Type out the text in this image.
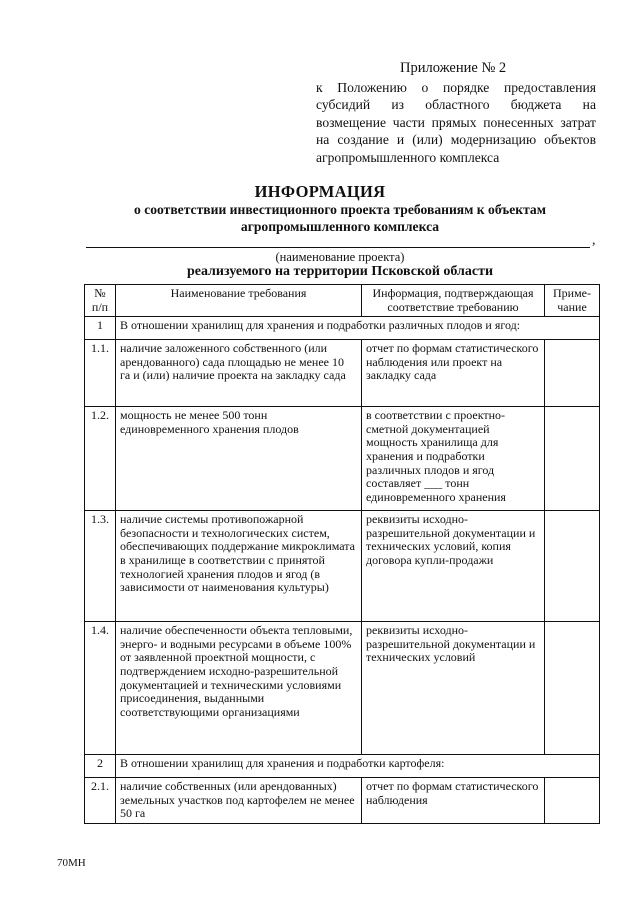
Приложение № 2
к Положению о порядке предоставления субсидий из областного бюджета на возмещение части прямых понесенных затрат на создание и (или) модернизацию объектов агропромышленного комплекса
ИНФОРМАЦИЯ
о соответствии инвестиционного проекта требованиям к объектам агропромышленного комплекса
,
(наименование проекта)
реализуемого на территории Псковской области
№ п/п	Наименование требования	Информация, подтверждающая соответствие требованию	Приме-чание
1	В отношении хранилищ для хранения и подработки различных плодов и ягод:		
1.1.	наличие заложенного собственного (или арендованного) сада площадью не менее 10 га и (или) наличие проекта на закладку сада	отчет по формам статистического наблюдения или проект на закладку сада	
1.2.	мощность не менее 500 тонн единовременного хранения плодов	в соответствии с проектно-сметной документацией мощность хранилища для хранения и подработки различных плодов и ягод составляет ___ тонн единовременного хранения	
1.3.	наличие системы противопожарной безопасности и технологических систем, обеспечивающих поддержание микроклимата в хранилище в соответствии с принятой технологией хранения плодов и ягод (в зависимости от наименования культуры)	реквизиты исходно-разрешительной документации и технических условий, копия договора купли-продажи	
1.4.	наличие обеспеченности объекта тепловыми, энерго- и водными ресурсами в объеме 100% от заявленной проектной мощности, с подтверждением исходно-разрешительной документацией и техническими условиями присоединения, выданными соответствующими организациями	реквизиты исходно-разрешительной документации и технических условий	
2	В отношении хранилищ для хранения и подработки картофеля:		
2.1.	наличие собственных (или арендованных) земельных участков под картофелем не менее 50 га	отчет по формам статистического наблюдения	
70МН
